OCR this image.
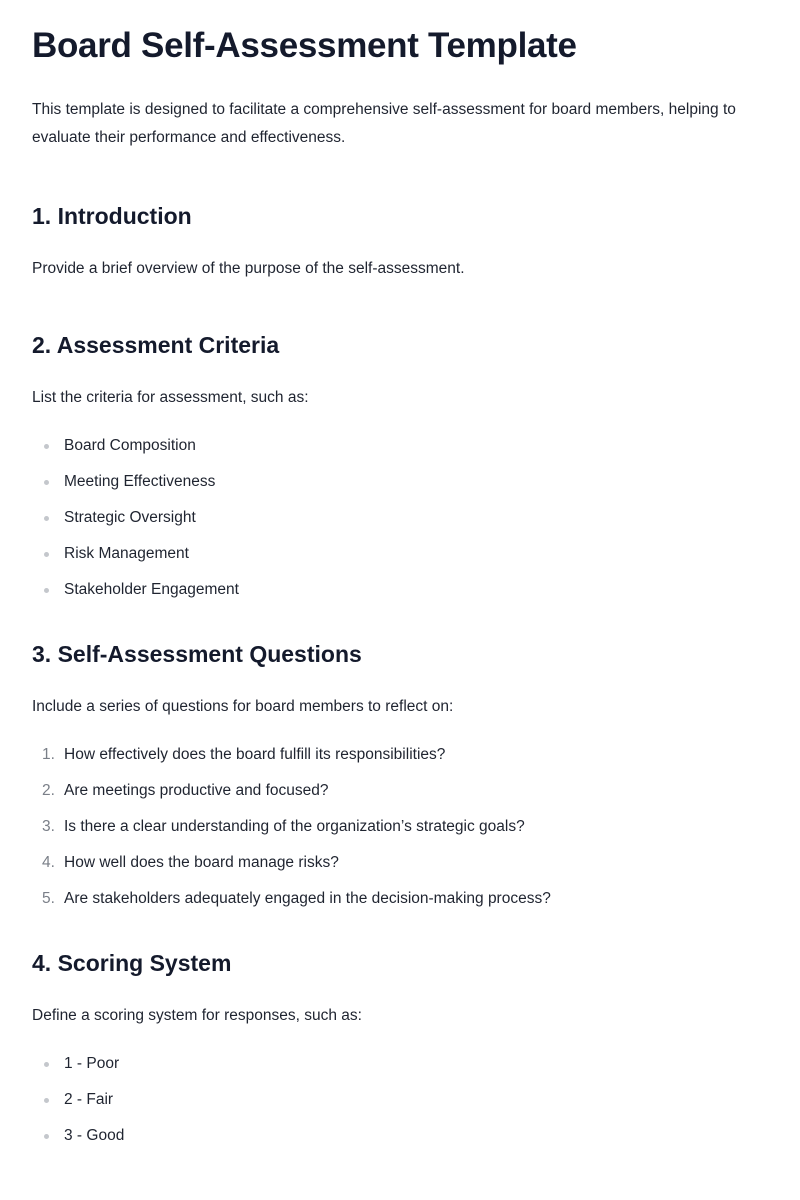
Board Self-Assessment Template

This template is designed to facilitate a comprehensive self-assessment for board members, helping to evaluate their performance and effectiveness.

1. Introduction

Provide a brief overview of the purpose of the self-assessment.

2. Assessment Criteria

List the criteria for assessment, such as:

Board Composition
Meeting Effectiveness
Strategic Oversight
Risk Management
Stakeholder Engagement
3. Self-Assessment Questions

Include a series of questions for board members to reflect on:

1. How effectively does the board fulfill its responsibilities?
2. Are meetings productive and focused?
3. Is there a clear understanding of the organization’s strategic goals?
4. How well does the board manage risks?
5. Are stakeholders adequately engaged in the decision-making process?
4. Scoring System

Define a scoring system for responses, such as:

1 - Poor
2 - Fair
3 - Good
